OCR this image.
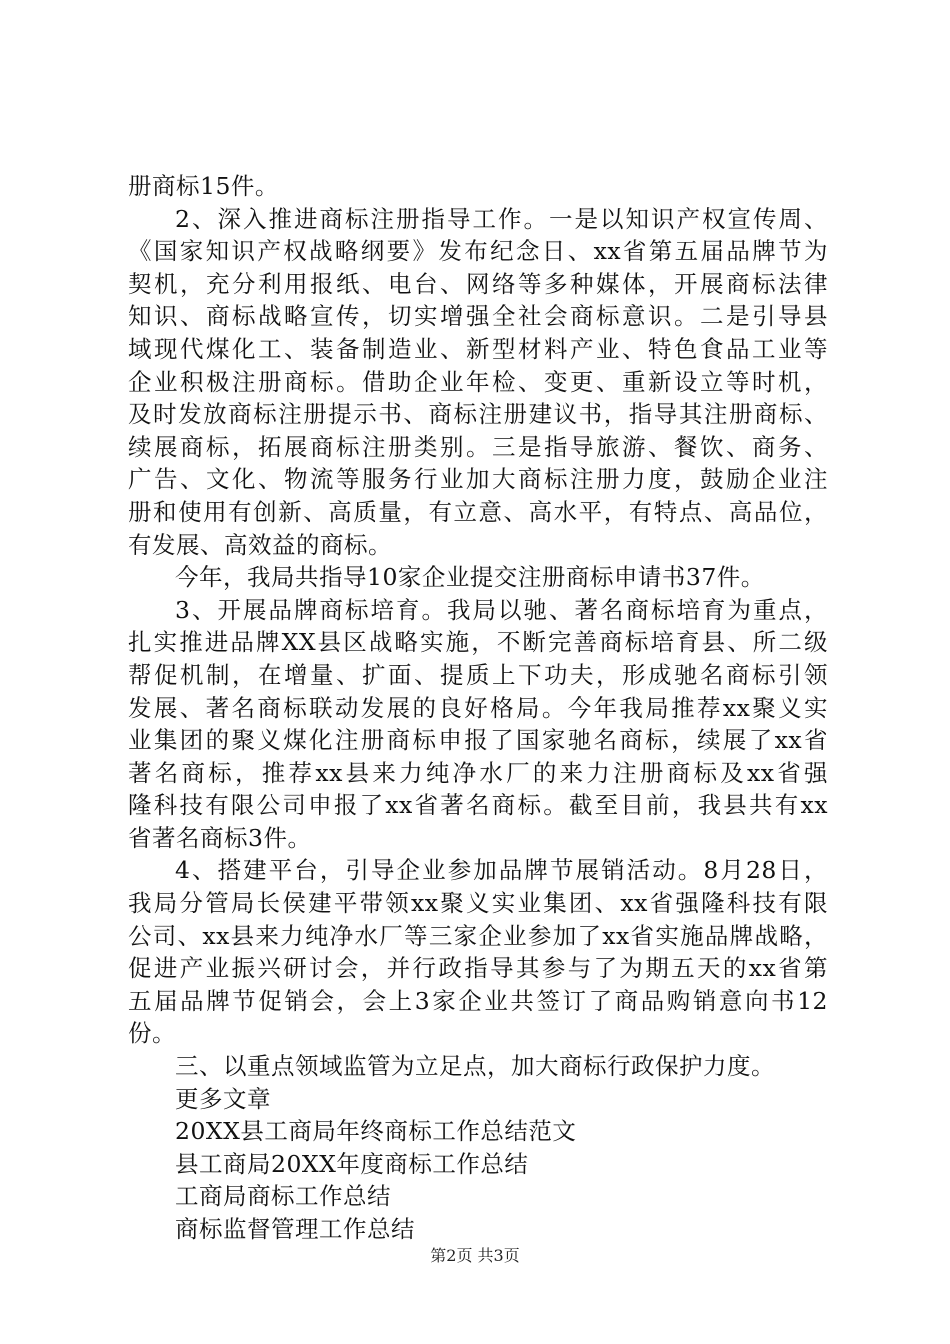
册商标15件。
2、深入推进商标注册指导工作。一是以知识产权宣传周、
《国家知识产权战略纲要》发布纪念日、xx省第五届品牌节为
契机，充分利用报纸、电台、网络等多种媒体，开展商标法律
知识、商标战略宣传，切实增强全社会商标意识。二是引导县
域现代煤化工、装备制造业、新型材料产业、特色食品工业等
企业积极注册商标。借助企业年检、变更、重新设立等时机，
及时发放商标注册提示书、商标注册建议书，指导其注册商标、
续展商标，拓展商标注册类别。三是指导旅游、餐饮、商务、
广告、文化、物流等服务行业加大商标注册力度，鼓励企业注
册和使用有创新、高质量，有立意、高水平，有特点、高品位，
有发展、高效益的商标。
今年，我局共指导10家企业提交注册商标申请书37件。
3、开展品牌商标培育。我局以驰、著名商标培育为重点，
扎实推进品牌XX县区战略实施，不断完善商标培育县、所二级
帮促机制，在增量、扩面、提质上下功夫，形成驰名商标引领
发展、著名商标联动发展的良好格局。今年我局推荐xx聚义实
业集团的聚义煤化注册商标申报了国家驰名商标，续展了xx省
著名商标，推荐xx县来力纯净水厂的来力注册商标及xx省强
隆科技有限公司申报了xx省著名商标。截至目前，我县共有xx
省著名商标3件。
4、搭建平台，引导企业参加品牌节展销活动。8月28日，
我局分管局长侯建平带领xx聚义实业集团、xx省强隆科技有限
公司、xx县来力纯净水厂等三家企业参加了xx省实施品牌战略，
促进产业振兴研讨会，并行政指导其参与了为期五天的xx省第
五届品牌节促销会，会上3家企业共签订了商品购销意向书12
份。
三、以重点领域监管为立足点，加大商标行政保护力度。
更多文章
20XX县工商局年终商标工作总结范文
县工商局20XX年度商标工作总结
工商局商标工作总结
商标监督管理工作总结
第2页 共3页
